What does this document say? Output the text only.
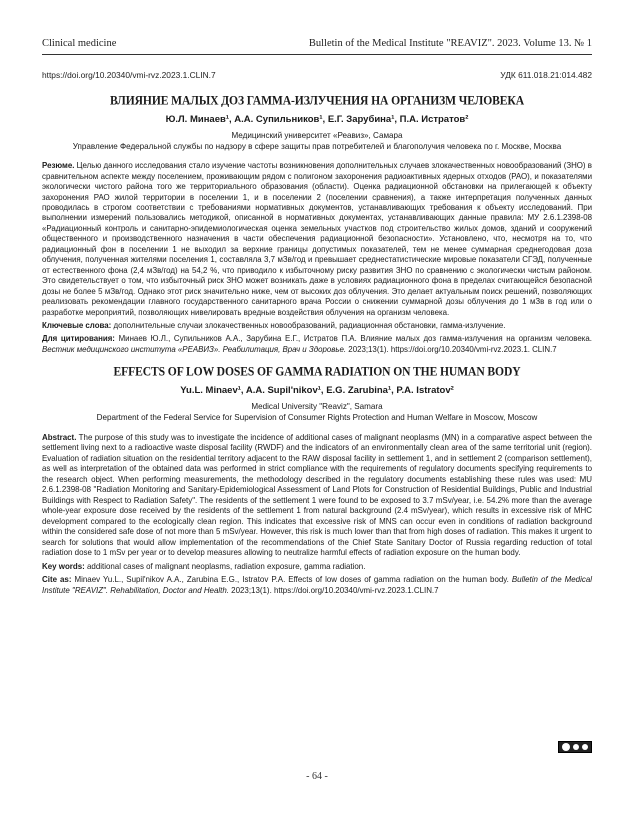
Clinical medicine	Bulletin of the Medical Institute "REAVIZ". 2023. Volume 13. № 1
https://doi.org/10.20340/vmi-rvz.2023.1.CLIN.7	УДК 611.018.21:014.482
ВЛИЯНИЕ МАЛЫХ ДОЗ ГАММА-ИЗЛУЧЕНИЯ НА ОРГАНИЗМ ЧЕЛОВЕКА
Ю.Л. Минаев¹, А.А. Супильников¹, Е.Г. Зарубина¹, П.А. Истратов²
Медицинский университет «Реавиз», Самара
Управление Федеральной службы по надзору в сфере защиты прав потребителей и благополучия человека по г. Москве, Москва
Резюме. Целью данного исследования стало изучение частоты возникновения дополнительных случаев злокачественных новообразований (ЗНО) в сравнительном аспекте между поселением, проживающим рядом с полигоном захоронения радиоактивных ядерных отходов (РАО), и показателями экологически чистого района того же территориального образования (области). Оценка радиационной обстановки на прилегающей к объекту захоронения РАО жилой территории в поселении 1, и в поселении 2 (поселении сравнения), а также интерпретация полученных данных проводилась в строгом соответствии с требованиями нормативных документов, устанавливающих требования к объекту исследований. При выполнении измерений пользовались методикой, описанной в нормативных документах, устанавливающих данные правила: МУ 2.6.1.2398-08 «Радиационный контроль и санитарно-эпидемиологическая оценка земельных участков под строительство жилых домов, зданий и сооружений общественного и производственного назначения в части обеспечения радиационной безопасности». Установлено, что, несмотря на то, что радиационный фон в поселении 1 не выходил за верхние границы допустимых показателей, тем не менее суммарная среднегодовая доза облучения, полученная жителями поселения 1, составляла 3,7 мЗв/год и превышает среднестатистические мировые показатели СГЭД, полученные от естественного фона (2,4 мЗв/год) на 54,2 %, что приводило к избыточному риску развития ЗНО по сравнению с экологически чистым районом. Это свидетельствует о том, что избыточный риск ЗНО может возникать даже в условиях радиационного фона в пределах считающейся безопасной дозы не более 5 мЗв/год. Однако этот риск значительно ниже, чем от высоких доз облучения. Это делает актуальным поиск решений, позволяющих реализовать рекомендации главного государственного санитарного врача России о снижении суммарной дозы облучения до 1 мЗв в год или о разработке мероприятий, позволяющих нивелировать вредные воздействия облучения на организм человека.
Ключевые слова: дополнительные случаи злокачественных новообразований, радиационная обстановки, гамма-излучение.
Для цитирования: Минаев Ю.Л., Супильников А.А., Зарубина Е.Г., Истратов П.А. Влияние малых доз гамма-излучения на организм человека. Вестник медицинского института «РЕАВИЗ». Реабилитация, Врач и Здоровье. 2023;13(1). https://doi.org/10.20340/vmi-rvz.2023.1. CLIN.7
EFFECTS OF LOW DOSES OF GAMMA RADIATION ON THE HUMAN BODY
Yu.L. Minaev¹, A.A. Supil'nikov¹, E.G. Zarubina¹, P.A. Istratov²
Medical University "Reaviz", Samara
Department of the Federal Service for Supervision of Consumer Rights Protection and Human Welfare in Moscow, Moscow
Abstract. The purpose of this study was to investigate the incidence of additional cases of malignant neoplasms (MN) in a comparative aspect between the settlement living next to a radioactive waste disposal facility (RWDF) and the indicators of an environmentally clean area of the same territorial unit (region). Evaluation of radiation situation on the residential territory adjacent to the RAW disposal facility in settlement 1, and in settlement 2 (comparison settlement), as well as interpretation of the obtained data was performed in strict compliance with the requirements of regulatory documents specifying requirements to the research object. When performing measurements, the methodology described in the regulatory documents establishing these rules was used: MU 2.6.1.2398-08 "Radiation Monitoring and Sanitary-Epidemiological Assessment of Land Plots for Construction of Residential Buildings, Public and Industrial Buildings with Respect to Radiation Safety". The residents of the settlement 1 were found to be exposed to 3.7 mSv/year, i.e. 54.2% more than the average whole-year exposure dose received by the residents of the settlement 1 from natural background (2.4 mSv/year), which results in excessive risk of MHC development compared to the ecologically clean region. This indicates that excessive risk of MNS can occur even in conditions of radiation background within the considered safe dose of not more than 5 mSv/year. However, this risk is much lower than that from high doses of radiation. This makes it urgent to search for solutions that would allow implementation of the recommendations of the Chief State Sanitary Doctor of Russia regarding reduction of total radiation dose to 1 mSv per year or to develop measures allowing to neutralize harmful effects of radiation exposure on the human body.
Key words: additional cases of malignant neoplasms, radiation exposure, gamma radiation.
Cite as: Minaev Yu.L., Supil'nikov A.A., Zarubina E.G., Istratov P.A. Effects of low doses of gamma radiation on the human body. Bulletin of the Medical Institute "REAVIZ". Rehabilitation, Doctor and Health. 2023;13(1). https://doi.org/10.20340/vmi-rvz.2023.1.CLIN.7
- 64 -
